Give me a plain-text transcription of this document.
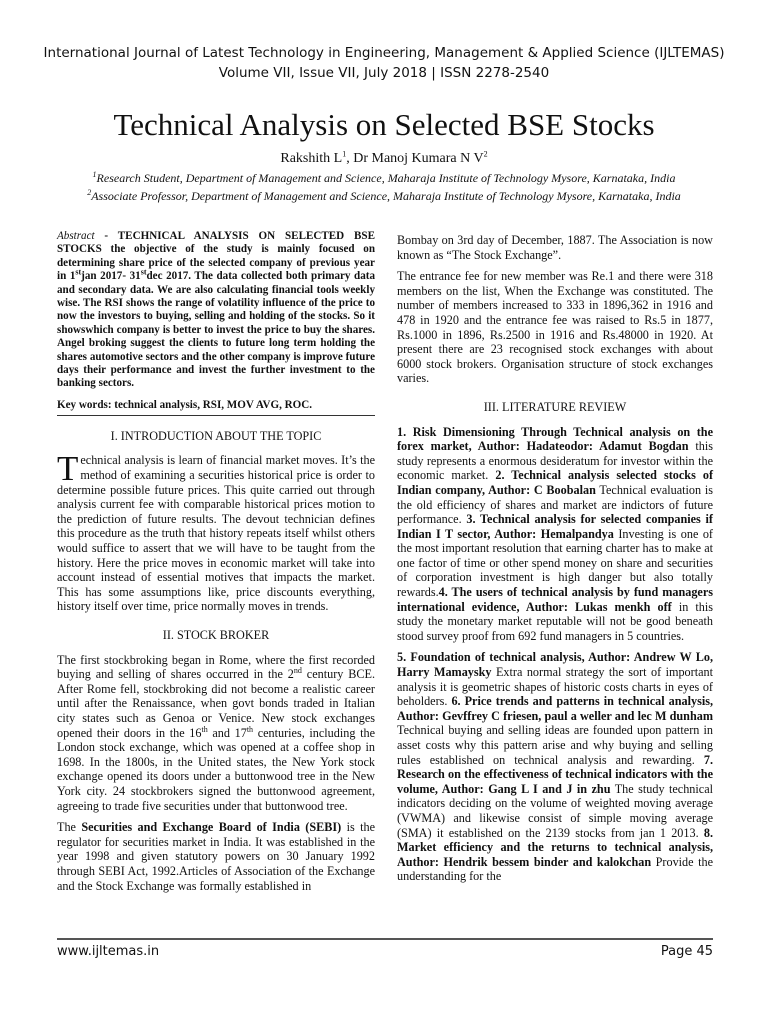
International Journal of Latest Technology in Engineering, Management & Applied Science (IJLTEMAS)
Volume VII, Issue VII, July 2018 | ISSN 2278-2540
Technical Analysis on Selected BSE Stocks
Rakshith $L^1$, Dr Manoj Kumara N $V^2$
$^1$Research Student, Department of Management and Science, Maharaja Institute of Technology Mysore, Karnataka, India
$^2$Associate Professor, Department of Management and Science, Maharaja Institute of Technology Mysore, Karnataka, India

Abstract - TECHNICAL ANALYSIS ON SELECTED BSE STOCKS the objective of the study is mainly focused on determining share price of the selected company of previous year in 1stjan 2017- 31stdec 2017. The data collected both primary data and secondary data. We are also calculating financial tools weekly wise. The RSI shows the range of volatility influence of the price to now the investors to buying, selling and holding of the stocks. So it showswhich company is better to invest the price to buy the shares. Angel broking suggest the clients to future long term holding the shares automotive sectors and the other company is improve future days their performance and invest the further investment to the banking sectors.

Key words: technical analysis, RSI, MOV AVG, ROC.
I. INTRODUCTION ABOUT THE TOPIC

Technical analysis is learn of financial market moves. It’s the method of examining a securities historical price is order to determine possible future prices. This quite carried out through analysis current fee with comparable historical prices motion to the prediction of future results. The devout technician defines this procedure as the truth that history repeats itself whilst others would suffice to assert that we will have to be taught from the history. Here the price moves in economic market will take into account instead of essential motives that impacts the market. This has some assumptions like, price discounts everything, history itself over time, price normally moves in trends.

II. STOCK BROKER

The first stockbroking began in Rome, where the first recorded buying and selling of shares occurred in the 2nd century BCE. After Rome fell, stockbroking did not become a realistic career until after the Renaissance, when govt bonds traded in Italian city states such as Genoa or Venice. New stock exchanges opened their doors in the 16th and 17th centuries, including the London stock exchange, which was opened at a coffee shop in 1698. In the 1800s, in the United states, the New York stock exchange opened its doors under a buttonwood tree in the New York city. 24 stockbrokers signed the buttonwood agreement, agreeing to trade five securities under that buttonwood tree.

The Securities and Exchange Board of India (SEBI) is the regulator for securities market in India. It was established in the year 1998 and given statutory powers on 30 January 1992 through SEBI Act, 1992.Articles of Association of the Exchange and the Stock Exchange was formally established in

Bombay on 3rd day of December, 1887. The Association is now known as “The Stock Exchange”.

The entrance fee for new member was Re.1 and there were 318 members on the list, When the Exchange was constituted. The number of members increased to 333 in 1896,362 in 1916 and 478 in 1920 and the entrance fee was raised to Rs.5 in 1877, Rs.1000 in 1896, Rs.2500 in 1916 and Rs.48000 in 1920. At present there are 23 recognised stock exchanges with about 6000 stock brokers. Organisation structure of stock exchanges varies.

III. LITERATURE REVIEW

1. Risk Dimensioning Through Technical analysis on the forex market, Author: Hadateodor: Adamut Bogdan this study represents a enormous desideratum for investor within the economic market. 2. Technical analysis selected stocks of Indian company, Author: C Boobalan Technical evaluation is the old efficiency of shares and market are indictors of future performance. 3. Technical analysis for selected companies if Indian I T sector, Author: Hemalpandya Investing is one of the most important resolution that earning charter has to make at one factor of time or other spend money on share and securities of corporation investment is high danger but also totally rewards.4. The users of technical analysis by fund managers international evidence, Author: Lukas menkh off in this study the monetary market reputable will not be good beneath stood survey proof from 692 fund managers in 5 countries.

5. Foundation of technical analysis, Author: Andrew W Lo, Harry Mamaysky Extra normal strategy the sort of important analysis it is geometric shapes of historic costs charts in eyes of beholders. 6. Price trends and patterns in technical analysis, Author: Gevffrey C friesen, paul a weller and lec M dunham Technical buying and selling ideas are founded upon pattern in asset costs why this pattern arise and why buying and selling rules established on technical analysis and rewarding. 7. Research on the effectiveness of technical indicators with the volume, Author: Gang L I and J in zhu The study technical indicators deciding on the volume of weighted moving average (VWMA) and likewise consist of simple moving average (SMA) it established on the 2139 stocks from jan 1 2013. 8. Market efficiency and the returns to technical analysis, Author: Hendrik bessem binder and kalokchan Provide the understanding for the

www.ijltemas.in	Page 45
